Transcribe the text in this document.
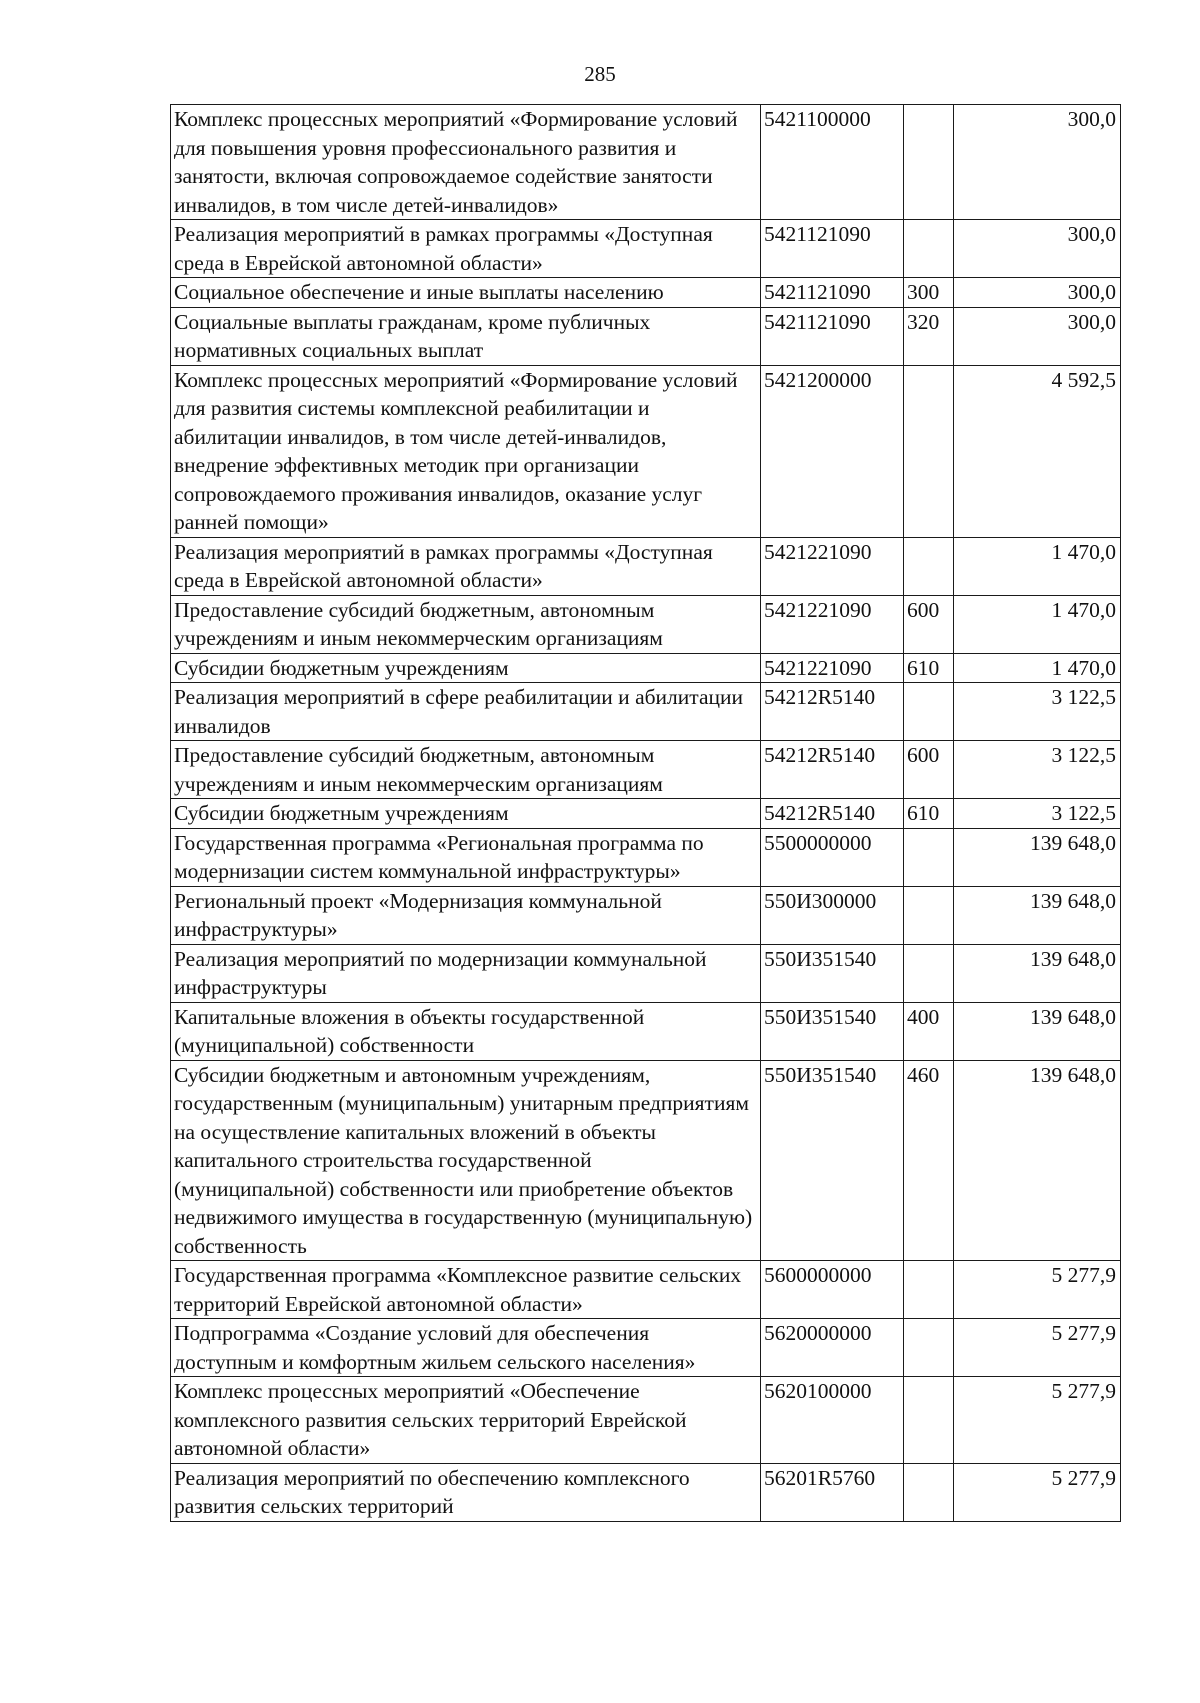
285
Комплекс процессных мероприятий «Формирование условий для повышения уровня профессионального развития и занятости, включая сопровождаемое содействие занятости инвалидов, в том числе детей-инвалидов»	5421100000		300,0
Реализация мероприятий в рамках программы «Доступная среда в Еврейской автономной области»	5421121090		300,0
Социальное обеспечение и иные выплаты населению	5421121090	300	300,0
Социальные выплаты гражданам, кроме публичных нормативных социальных выплат	5421121090	320	300,0
Комплекс процессных мероприятий «Формирование условий для развития системы комплексной реабилитации и абилитации инвалидов, в том числе детей-инвалидов, внедрение эффективных методик при организации сопровождаемого проживания инвалидов, оказание услуг ранней помощи»	5421200000		4 592,5
Реализация мероприятий в рамках программы «Доступная среда в Еврейской автономной области»	5421221090		1 470,0
Предоставление субсидий бюджетным, автономным учреждениям и иным некоммерческим организациям	5421221090	600	1 470,0
Субсидии бюджетным учреждениям	5421221090	610	1 470,0
Реализация мероприятий в сфере реабилитации и абилитации инвалидов	54212R5140		3 122,5
Предоставление субсидий бюджетным, автономным учреждениям и иным некоммерческим организациям	54212R5140	600	3 122,5
Субсидии бюджетным учреждениям	54212R5140	610	3 122,5
Государственная программа «Региональная программа по модернизации систем коммунальной инфраструктуры»	5500000000		139 648,0
Региональный проект «Модернизация коммунальной инфраструктуры»	550И300000		139 648,0
Реализация мероприятий по модернизации коммунальной инфраструктуры	550И351540		139 648,0
Капитальные вложения в объекты государственной (муниципальной) собственности	550И351540	400	139 648,0
Субсидии бюджетным и автономным учреждениям, государственным (муниципальным) унитарным предприятиям на осуществление капитальных вложений в объекты капитального строительства государственной (муниципальной) собственности или приобретение объектов недвижимого имущества в государственную (муниципальную) собственность	550И351540	460	139 648,0
Государственная программа «Комплексное развитие сельских территорий Еврейской автономной области»	5600000000		5 277,9
Подпрограмма «Создание условий для обеспечения доступным и комфортным жильем сельского населения»	5620000000		5 277,9
Комплекс процессных мероприятий «Обеспечение комплексного развития сельских территорий Еврейской автономной области»	5620100000		5 277,9
Реализация мероприятий по обеспечению комплексного развития сельских территорий	56201R5760		5 277,9
